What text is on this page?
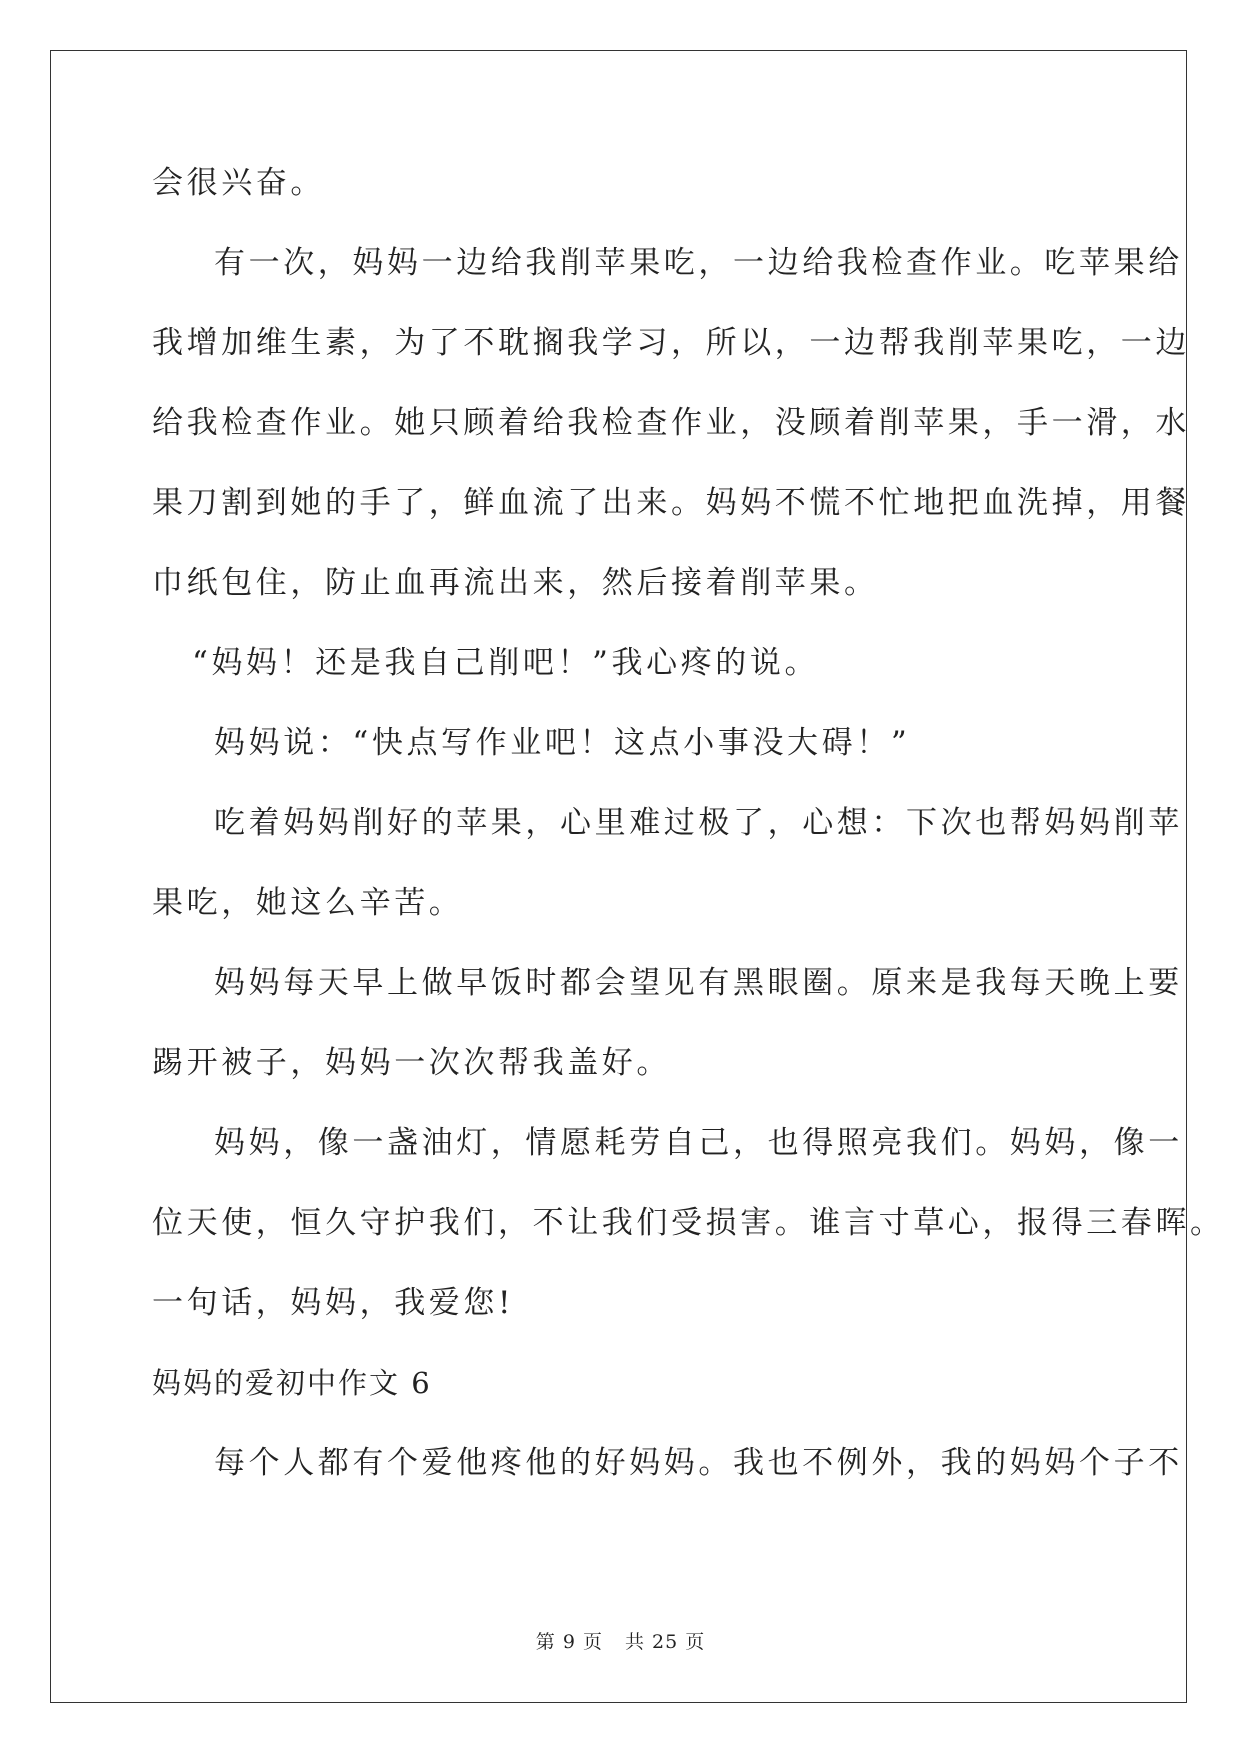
会很兴奋。
有一次，妈妈一边给我削苹果吃，一边给我检查作业。吃苹果给
我增加维生素，为了不耽搁我学习，所以，一边帮我削苹果吃，一边
给我检查作业。她只顾着给我检查作业，没顾着削苹果，手一滑，水
果刀割到她的手了，鲜血流了出来。妈妈不慌不忙地把血洗掉，用餐
巾纸包住，防止血再流出来，然后接着削苹果。
“妈妈！还是我自己削吧！”我心疼的说。
妈妈说：“快点写作业吧！这点小事没大碍！”
吃着妈妈削好的苹果，心里难过极了，心想：下次也帮妈妈削苹
果吃，她这么辛苦。
妈妈每天早上做早饭时都会望见有黑眼圈。原来是我每天晚上要
踢开被子，妈妈一次次帮我盖好。
妈妈，像一盏油灯，情愿耗劳自己，也得照亮我们。妈妈，像一
位天使，恒久守护我们，不让我们受损害。谁言寸草心，报得三春晖。
一句话，妈妈，我爱您!
妈妈的爱初中作文 6
每个人都有个爱他疼他的好妈妈。我也不例外，我的妈妈个子不
第 9 页 共 25 页
